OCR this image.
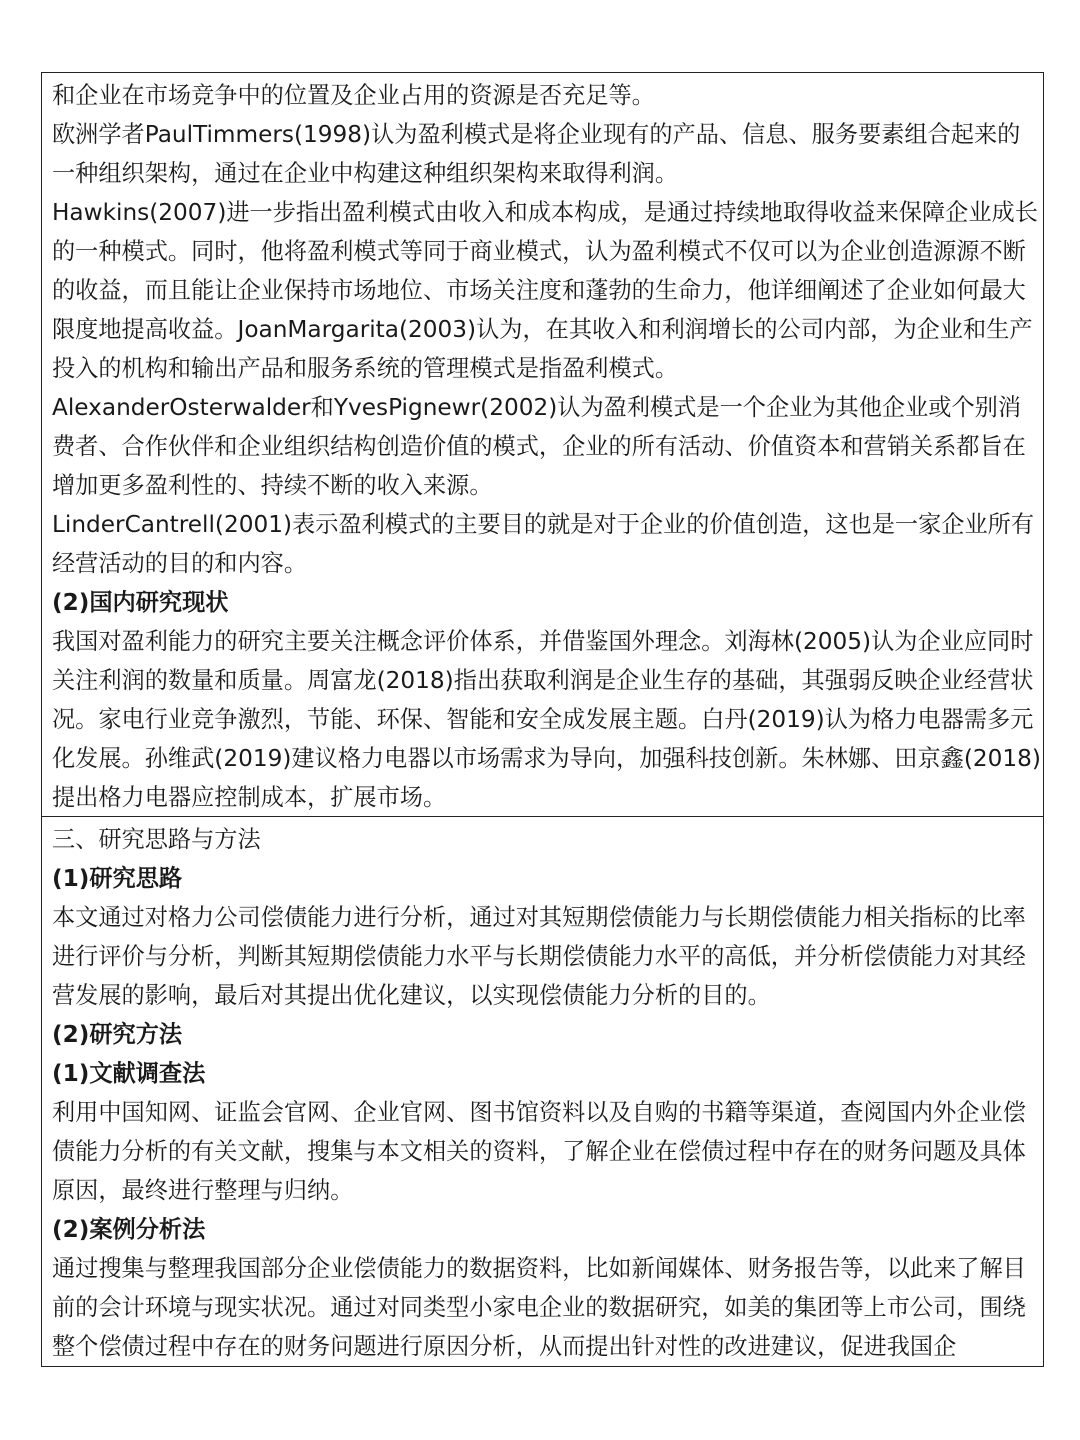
和企业在市场竞争中的位置及企业占用的资源是否充足等。

欧洲学者PaulTimmers(1998)认为盈利模式是将企业现有的产品、信息、服务要素组合起来的一种组织架构，通过在企业中构建这种组织架构来取得利润。

Hawkins(2007)进一步指出盈利模式由收入和成本构成，是通过持续地取得收益来保障企业成长的一种模式。同时，他将盈利模式等同于商业模式，认为盈利模式不仅可以为企业创造源源不断的收益，而且能让企业保持市场地位、市场关注度和蓬勃的生命力，他详细阐述了企业如何最大限度地提高收益。JoanMargarita(2003)认为，在其收入和利润增长的公司内部，为企业和生产投入的机构和输出产品和服务系统的管理模式是指盈利模式。

AlexanderOsterwalder和YvesPignewr(2002)认为盈利模式是一个企业为其他企业或个别消费者、合作伙伴和企业组织结构创造价值的模式，企业的所有活动、价值资本和营销关系都旨在增加更多盈利性的、持续不断的收入来源。

LinderCantrell(2001)表示盈利模式的主要目的就是对于企业的价值创造，这也是一家企业所有经营活动的目的和内容。

(2)国内研究现状

我国对盈利能力的研究主要关注概念评价体系，并借鉴国外理念。刘海林(2005)认为企业应同时关注利润的数量和质量。周富龙(2018)指出获取利润是企业生存的基础，其强弱反映企业经营状况。家电行业竞争激烈，节能、环保、智能和安全成发展主题。白丹(2019)认为格力电器需多元化发展。孙维武(2019)建议格力电器以市场需求为导向，加强科技创新。朱林娜、田京鑫(2018)提出格力电器应控制成本，扩展市场。

三、研究思路与方法

(1)研究思路

本文通过对格力公司偿债能力进行分析，通过对其短期偿债能力与长期偿债能力相关指标的比率进行评价与分析，判断其短期偿债能力水平与长期偿债能力水平的高低，并分析偿债能力对其经营发展的影响，最后对其提出优化建议，以实现偿债能力分析的目的。

(2)研究方法

(1)文献调查法

利用中国知网、证监会官网、企业官网、图书馆资料以及自购的书籍等渠道，查阅国内外企业偿债能力分析的有关文献，搜集与本文相关的资料，了解企业在偿债过程中存在的财务问题及具体原因，最终进行整理与归纳。

(2)案例分析法

通过搜集与整理我国部分企业偿债能力的数据资料，比如新闻媒体、财务报告等，以此来了解目前的会计环境与现实状况。通过对同类型小家电企业的数据研究，如美的集团等上市公司，围绕整个偿债过程中存在的财务问题进行原因分析，从而提出针对性的改进建议，促进我国企
